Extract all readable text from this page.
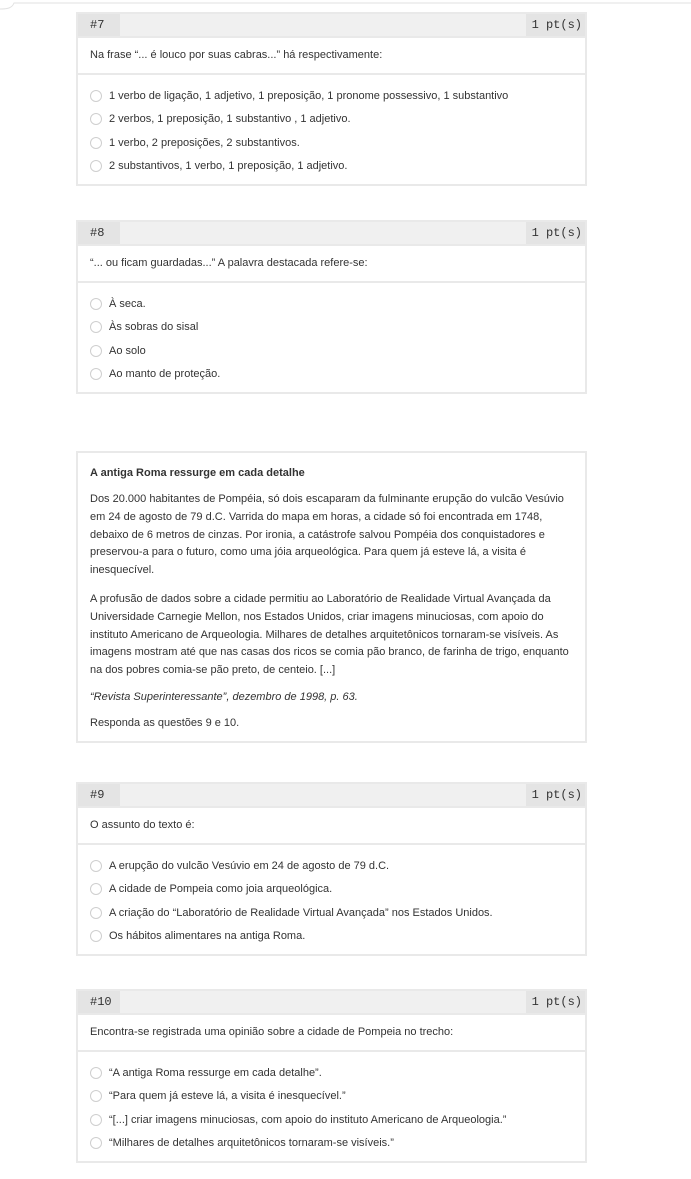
#7	1 pt(s)
Na frase “... é louco por suas cabras...” há respectivamente:
1 verbo de ligação, 1 adjetivo, 1 preposição, 1 pronome possessivo, 1 substantivo
2 verbos, 1 preposição, 1 substantivo , 1 adjetivo.
1 verbo, 2 preposições, 2 substantivos.
2 substantivos, 1 verbo, 1 preposição, 1 adjetivo.
#8	1 pt(s)
“... ou ficam guardadas...” A palavra destacada refere-se:
À seca.
Às sobras do sisal
Ao solo
Ao manto de proteção.

A antiga Roma ressurge em cada detalhe

Dos 20.000 habitantes de Pompéia, só dois escaparam da fulminante erupção do vulcão Vesúvio em 24 de agosto de 79 d.C. Varrida do mapa em horas, a cidade só foi encontrada em 1748, debaixo de 6 metros de cinzas. Por ironia, a catástrofe salvou Pompéia dos conquistadores e preservou-a para o futuro, como uma jóia arqueológica. Para quem já esteve lá, a visita é inesquecível.

A profusão de dados sobre a cidade permitiu ao Laboratório de Realidade Virtual Avançada da Universidade Carnegie Mellon, nos Estados Unidos, criar imagens minuciosas, com apoio do instituto Americano de Arqueologia. Milhares de detalhes arquitetônicos tornaram-se visíveis. As imagens mostram até que nas casas dos ricos se comia pão branco, de farinha de trigo, enquanto na dos pobres comia-se pão preto, de centeio. [...]

“Revista Superinteressante”, dezembro de 1998, p. 63.

Responda as questões 9 e 10.

#9	1 pt(s)
O assunto do texto é:
A erupção do vulcão Vesúvio em 24 de agosto de 79 d.C.
A cidade de Pompeia como joia arqueológica.
A criação do “Laboratório de Realidade Virtual Avançada” nos Estados Unidos.
Os hábitos alimentares na antiga Roma.
#10	1 pt(s)
Encontra-se registrada uma opinião sobre a cidade de Pompeia no trecho:
“A antiga Roma ressurge em cada detalhe”.
“Para quem já esteve lá, a visita é inesquecível.”
“[...] criar imagens minuciosas, com apoio do instituto Americano de Arqueologia.”
“Milhares de detalhes arquitetônicos tornaram-se visíveis.”
